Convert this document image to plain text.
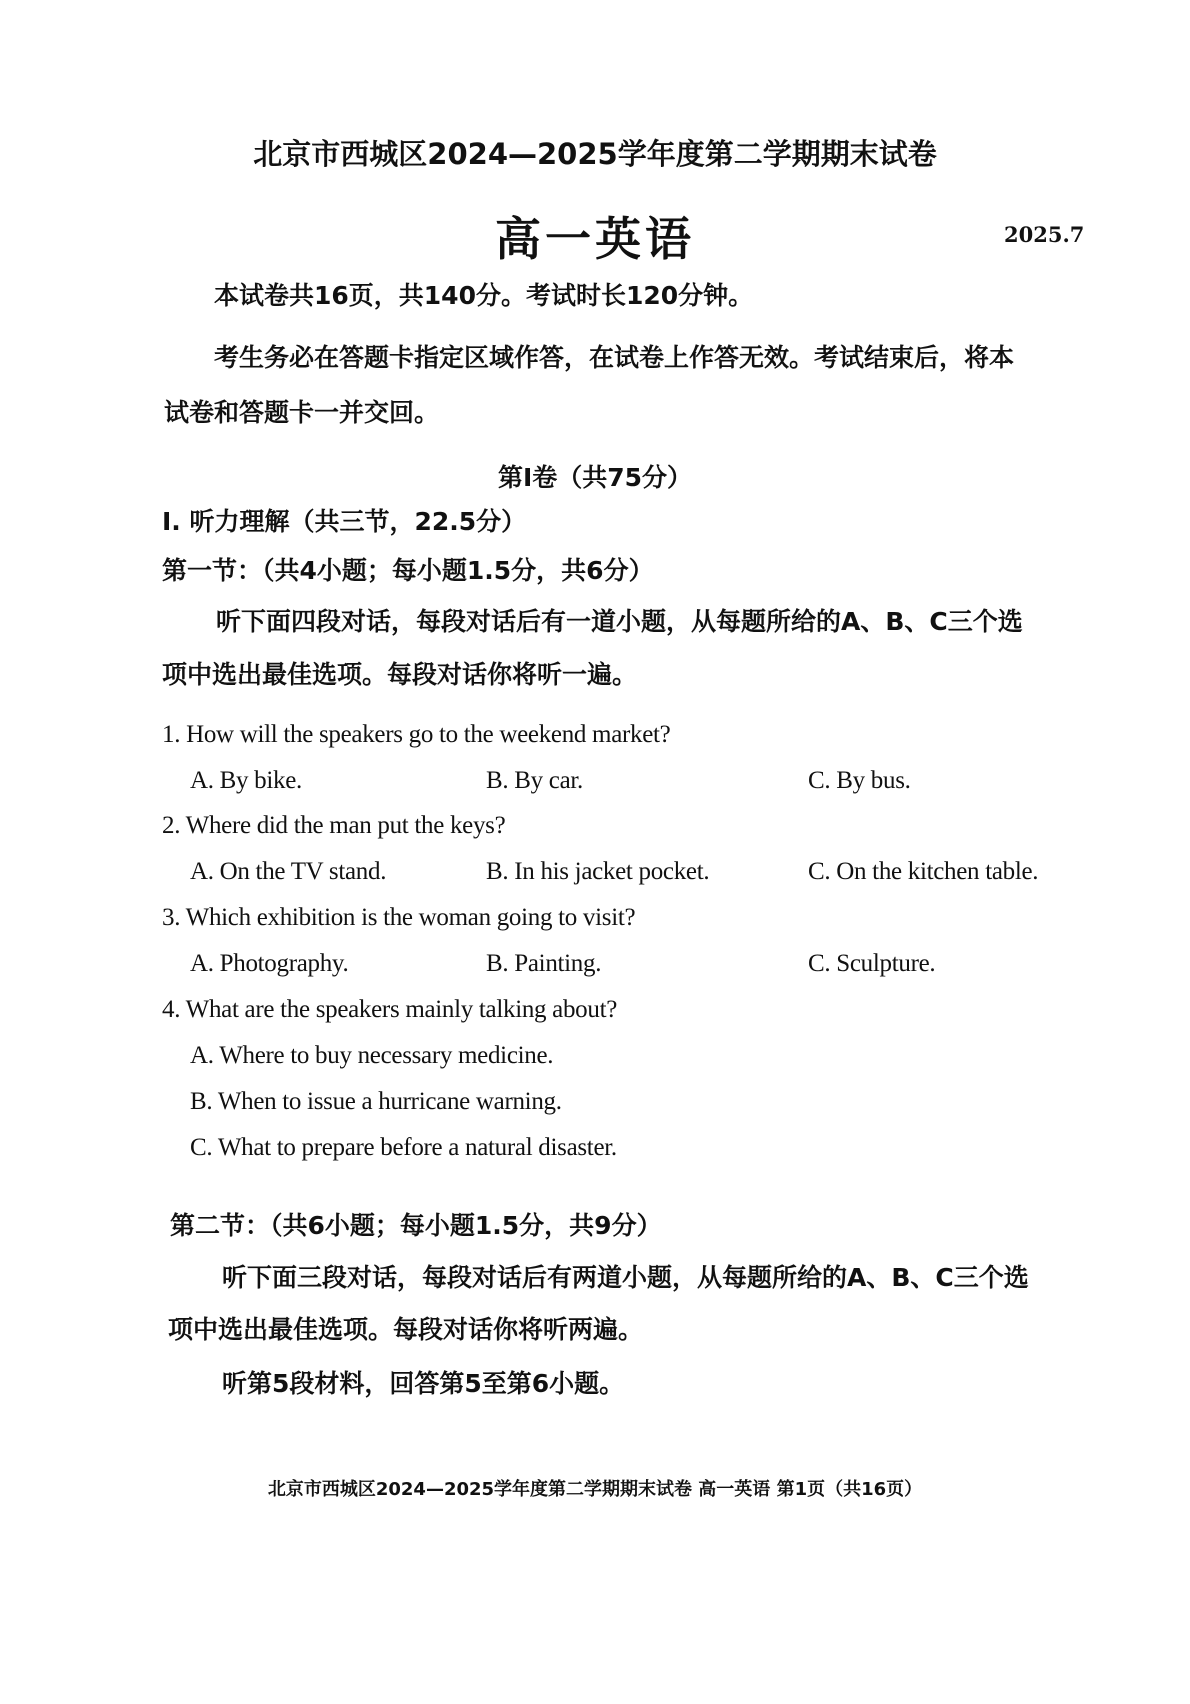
北京市西城区2024—2025学年度第二学期期末试卷
高一英语	2025.7
本试卷共16页，共140分。考试时长120分钟。
考生务必在答题卡指定区域作答，在试卷上作答无效。考试结束后，将本
试卷和答题卡一并交回。
第Ⅰ卷（共75分）
I. 听力理解（共三节，22.5分）
第一节：（共4小题；每小题1.5分，共6分）
听下面四段对话，每段对话后有一道小题，从每题所给的A、B、C三个选
项中选出最佳选项。每段对话你将听一遍。
1. How will the speakers go to the weekend market?
A. By bike.	B. By car.	C. By bus.
2. Where did the man put the keys?
A. On the TV stand.	B. In his jacket pocket.	C. On the kitchen table.
3. Which exhibition is the woman going to visit?
A. Photography.	B. Painting.	C. Sculpture.
4. What are the speakers mainly talking about?
A. Where to buy necessary medicine.
B. When to issue a hurricane warning.
C. What to prepare before a natural disaster.
第二节：（共6小题；每小题1.5分，共9分）
听下面三段对话，每段对话后有两道小题，从每题所给的A、B、C三个选
项中选出最佳选项。每段对话你将听两遍。
听第5段材料，回答第5至第6小题。
北京市西城区2024—2025学年度第二学期期末试卷 高一英语 第1页（共16页）
